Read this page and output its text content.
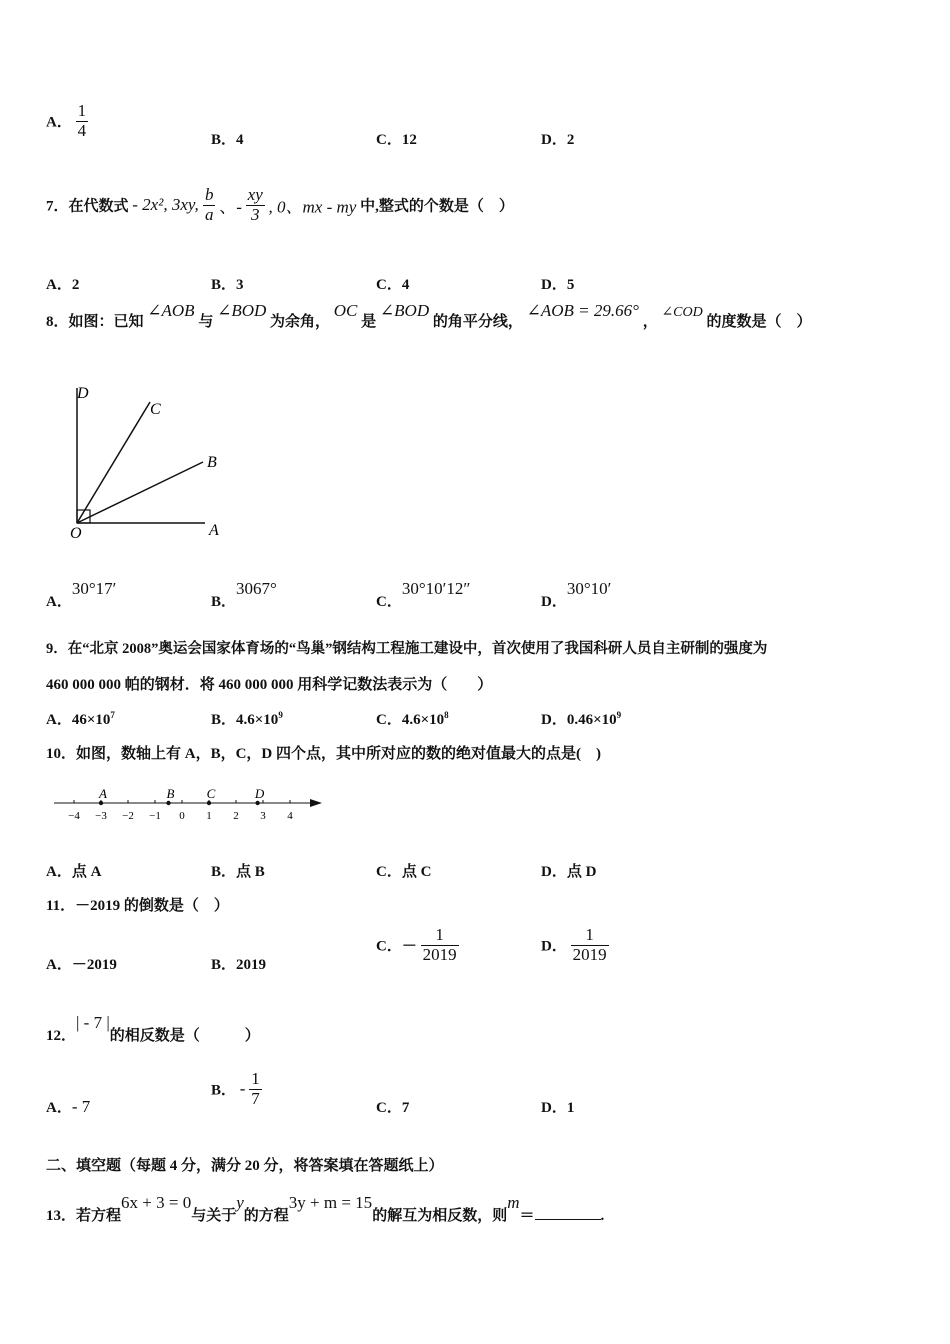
A． $\frac{1}{4}$	B．4	C．12	D．2
7．在代数式 - 2x², 3xy, $\frac{b}{a}$ 、- $\frac{xy}{3}$ , 0、mx - my 中,整式的个数是（　）
A．2	B．3	C．4	D．5
8．如图：已知 ∠AOB 与 ∠BOD 为余角， OC 是 ∠BOD 的角平分线， ∠AOB = 29.66° ， ∠COD 的度数是（　）
D
C
B
A
O
A．30°17′
B．3067°
C．30°10′12″
D．30°10′
9．在“北京 2008”奥运会国家体育场的“鸟巢”钢结构工程施工建设中，首次使用了我国科研人员自主研制的强度为
460 000 000 帕的钢材．将 460 000 000 用科学记数法表示为（　　）
A．$46\times 10^7$	B．$4.6\times 10^9$	C．$4.6\times 10^8$	D．$0.46\times 10^9$
10．如图，数轴上有 A，B，C，D 四个点，其中所对应的数的绝对值最大的点是(　)
−4 −3 −2 −1 0 1 2 3 4
A	B C	D
A．点 A	B．点 B	C．点 C	D．点 D
11．－2019 的倒数是（　）
A．－2019	B．2019
C．－ $\frac{1}{2019}$	D． $\frac{1}{2019}$
12．| - 7 |的相反数是（　　　）
A．- 7
B． - $\frac{1}{7}$	C．7	D．1
二、填空题（每题 4 分，满分 20 分，将答案填在答题纸上）
13．若方程6x + 3 = 0与关于y的方程3y + m = 15的解互为相反数，则m＝	.
